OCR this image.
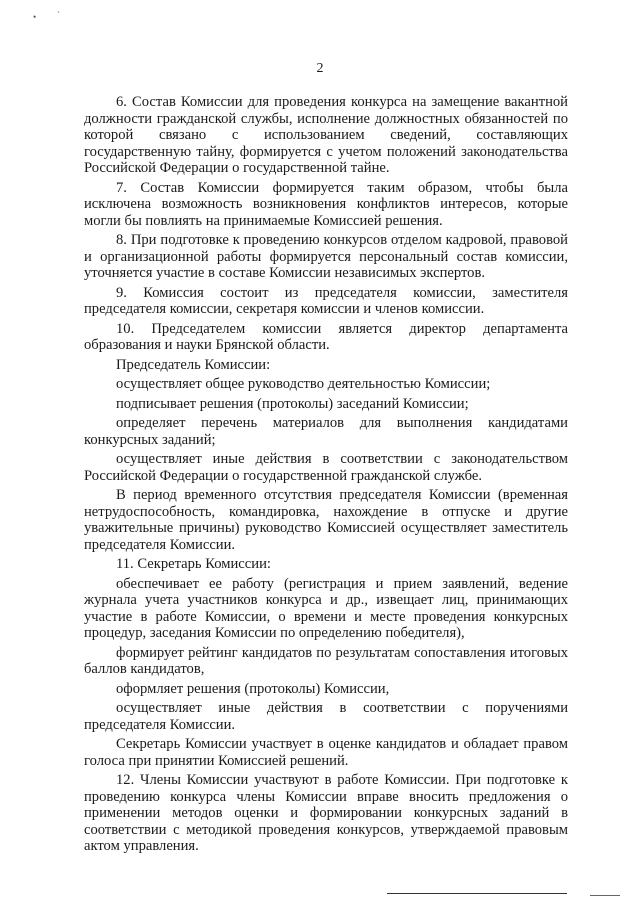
• ˋ
2

6. Состав Комиссии для проведения конкурса на замещение вакантной должности гражданской службы, исполнение должностных обязанностей по которой связано с использованием сведений, составляющих государственную тайну, формируется с учетом положений законодательства Российской Федерации о государственной тайне.

7. Состав Комиссии формируется таким образом, чтобы была исключена возможность возникновения конфликтов интересов, которые могли бы повлиять на принимаемые Комиссией решения.

8. При подготовке к проведению конкурсов отделом кадровой, правовой и организационной работы формируется персональный состав комиссии, уточняется участие в составе Комиссии независимых экспертов.

9. Комиссия состоит из председателя комиссии, заместителя председателя комиссии, секретаря комиссии и членов комиссии.

10. Председателем комиссии является директор департамента образования и науки Брянской области.

Председатель Комиссии:

осуществляет общее руководство деятельностью Комиссии;

подписывает решения (протоколы) заседаний Комиссии;

определяет перечень материалов для выполнения кандидатами конкурсных заданий;

осуществляет иные действия в соответствии с законодательством Российской Федерации о государственной гражданской службе.

В период временного отсутствия председателя Комиссии (временная нетрудоспособность, командировка, нахождение в отпуске и другие уважительные причины) руководство Комиссией осуществляет заместитель председателя Комиссии.

11. Секретарь Комиссии:

обеспечивает ее работу (регистрация и прием заявлений, ведение журнала учета участников конкурса и др., извещает лиц, принимающих участие в работе Комиссии, о времени и месте проведения конкурсных процедур, заседания Комиссии по определению победителя),

формирует рейтинг кандидатов по результатам сопоставления итоговых баллов кандидатов,

оформляет решения (протоколы) Комиссии,

осуществляет иные действия в соответствии с поручениями председателя Комиссии.

Секретарь Комиссии участвует в оценке кандидатов и обладает правом голоса при принятии Комиссией решений.

12. Члены Комиссии участвуют в работе Комиссии. При подготовке к проведению конкурса члены Комиссии вправе вносить предложения о применении методов оценки и формировании конкурсных заданий в соответствии с методикой проведения конкурсов, утверждаемой правовым актом управления.
